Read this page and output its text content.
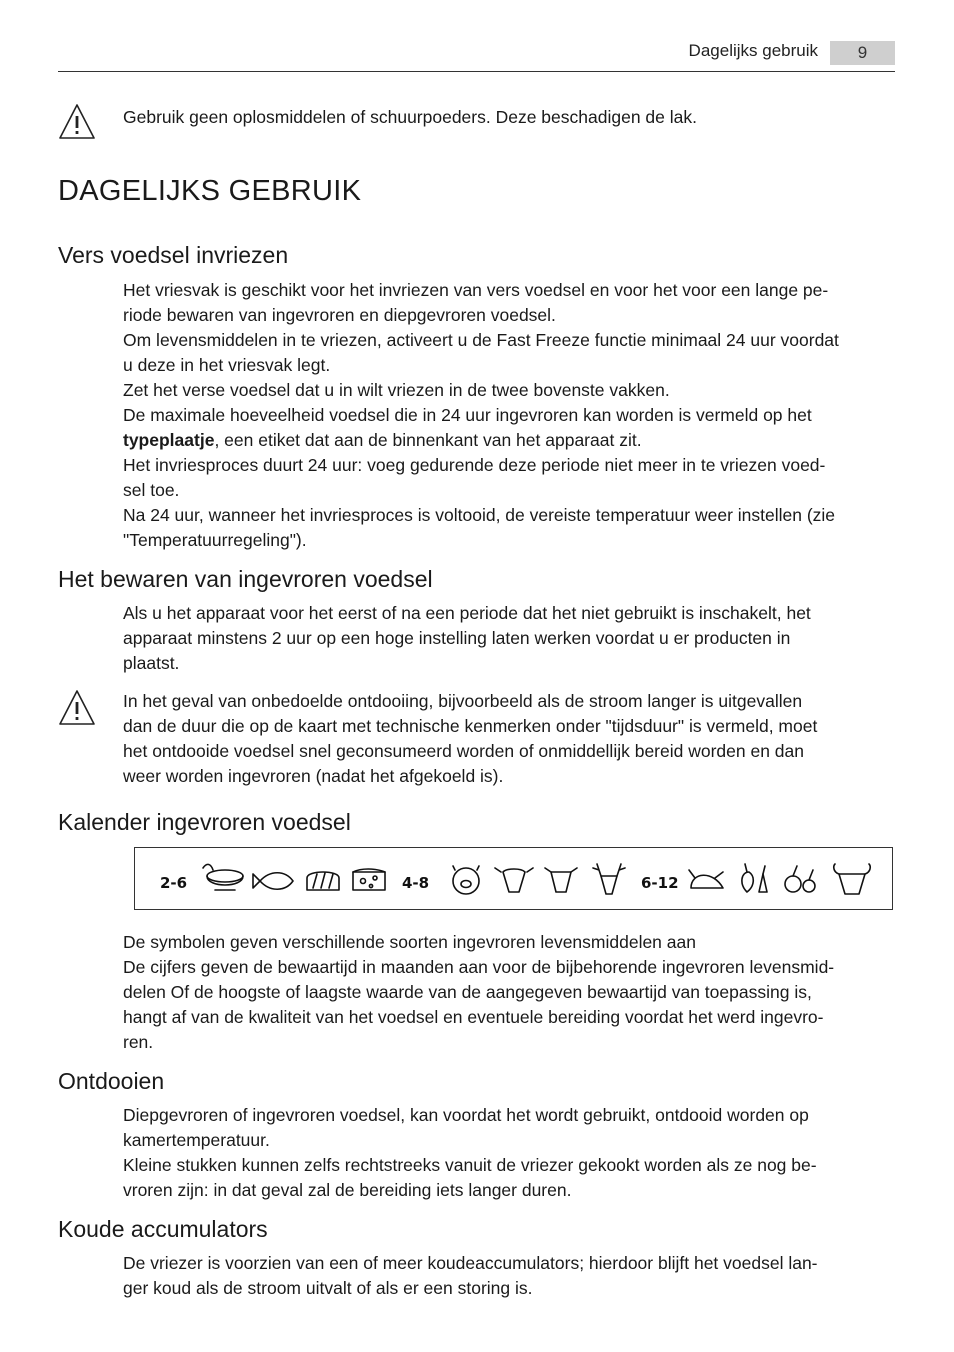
Dagelijks gebruik	9
Gebruik geen oplosmiddelen of schuurpoeders. Deze beschadigen de lak.
DAGELIJKS GEBRUIK
Vers voedsel invriezen

Het vriesvak is geschikt voor het invriezen van vers voedsel en voor het voor een lange pe-

riode bewaren van ingevroren en diepgevroren voedsel.

Om levensmiddelen in te vriezen, activeert u de Fast Freeze functie minimaal 24 uur voordat

u deze in het vriesvak legt.

Zet het verse voedsel dat u in wilt vriezen in de twee bovenste vakken.

De maximale hoeveelheid voedsel die in 24 uur ingevroren kan worden is vermeld op het

typeplaatje, een etiket dat aan de binnenkant van het apparaat zit.

Het invriesproces duurt 24 uur: voeg gedurende deze periode niet meer in te vriezen voed-

sel toe.

Na 24 uur, wanneer het invriesproces is voltooid, de vereiste temperatuur weer instellen (zie

"Temperatuurregeling").

Het bewaren van ingevroren voedsel

Als u het apparaat voor het eerst of na een periode dat het niet gebruikt is inschakelt, het

apparaat minstens 2 uur op een hoge instelling laten werken voordat u er producten in

plaatst.

In het geval van onbedoelde ontdooiing, bijvoorbeeld als de stroom langer is uitgevallen
dan de duur die op de kaart met technische kenmerken onder "tijdsduur" is vermeld, moet
het ontdooide voedsel snel geconsumeerd worden of onmiddellijk bereid worden en dan
weer worden ingevroren (nadat het afgekoeld is).
Kalender ingevroren voedsel
2-6	4-8	6-12

De symbolen geven verschillende soorten ingevroren levensmiddelen aan

De cijfers geven de bewaartijd in maanden aan voor de bijbehorende ingevroren levensmid-

delen Of de hoogste of laagste waarde van de aangegeven bewaartijd van toepassing is,

hangt af van de kwaliteit van het voedsel en eventuele bereiding voordat het werd ingevro-

ren.

Ontdooien

Diepgevroren of ingevroren voedsel, kan voordat het wordt gebruikt, ontdooid worden op

kamertemperatuur.

Kleine stukken kunnen zelfs rechtstreeks vanuit de vriezer gekookt worden als ze nog be-

vroren zijn: in dat geval zal de bereiding iets langer duren.

Koude accumulators

De vriezer is voorzien van een of meer koudeaccumulators; hierdoor blijft het voedsel lan-

ger koud als de stroom uitvalt of als er een storing is.
